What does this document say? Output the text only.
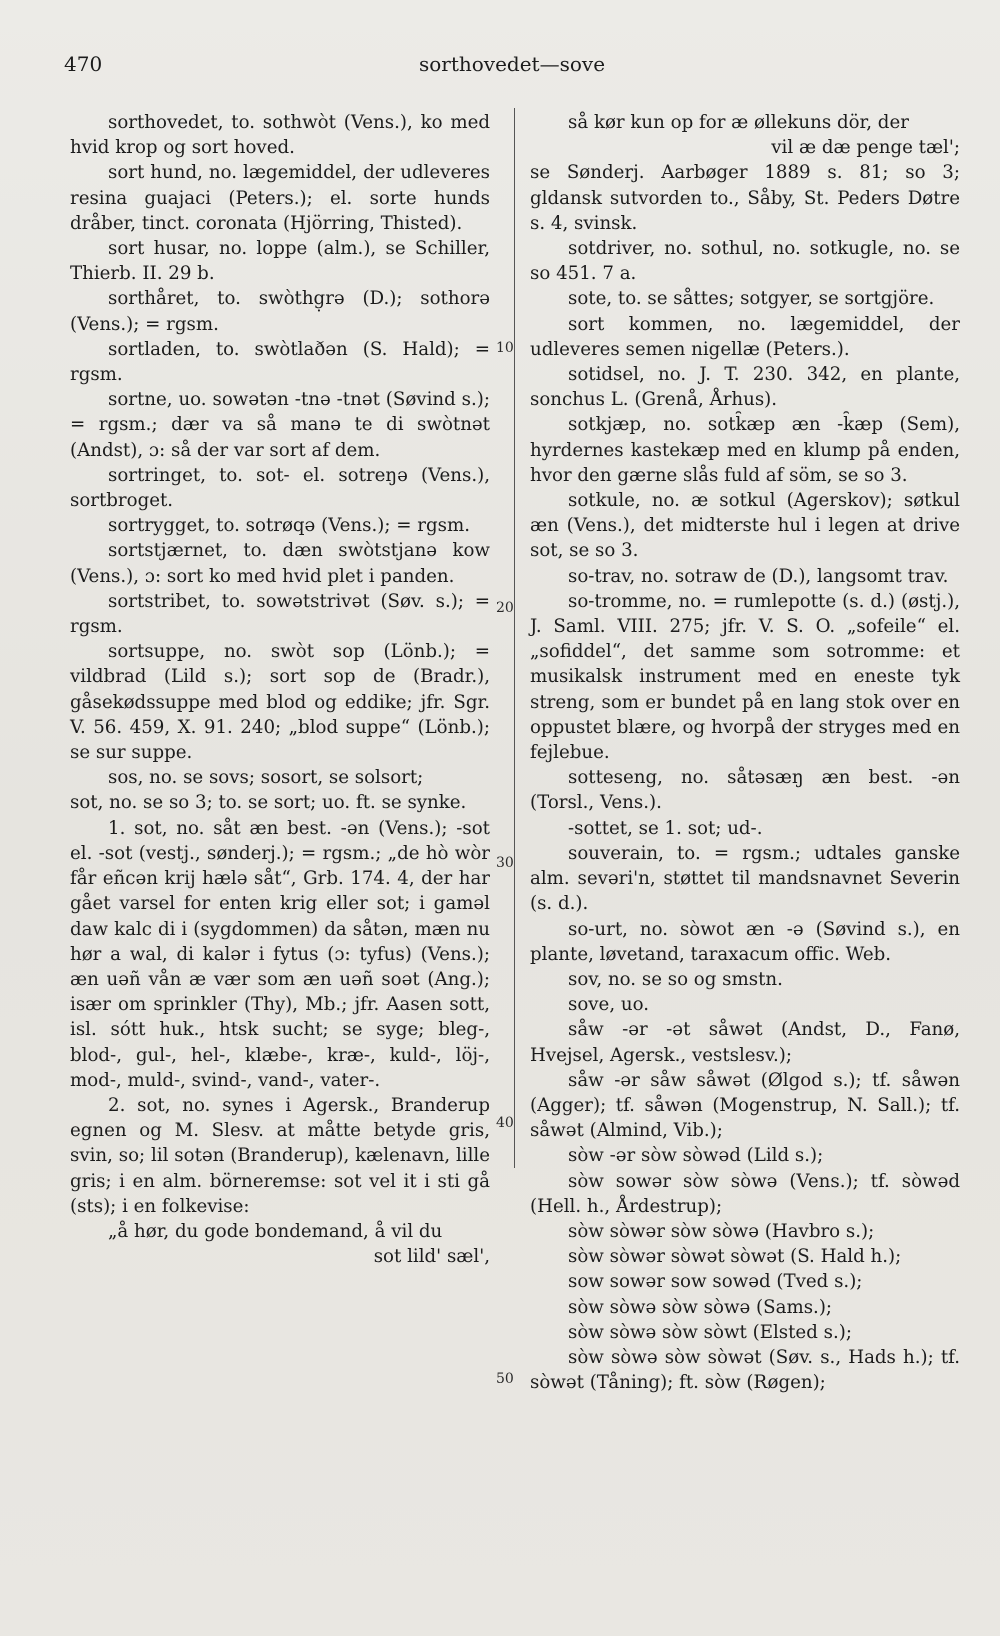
470	sorthovedet—sove

sorthovedet, to. sothwòt (Vens.), ko med hvid krop og sort hoved.

sort hund, no. lægemiddel, der udleveres resina guajaci (Peters.); el. sorte hunds dråber, tinct. coronata (Hjörring, Thisted).

sort husar, no. loppe (alm.), se Schiller, Thierb. II. 29 b.

sorthåret, to. swòthg̣rə (D.); sothorə (Vens.); = rgsm.

sortladen, to. swòtlaðən (S. Hald); = rgsm.

sortne, uo. sowətən -tnə -tnət (Søvind s.); = rgsm.; dær va så manə te di swòtnət (Andst), ɔ: så der var sort af dem.

sortringet, to. sot- el. sotreŋə (Vens.), sortbroget.

sortrygget, to. sotrøqə (Vens.); = rgsm.

sortstjærnet, to. dæn swòtstjanə kow (Vens.), ɔ: sort ko med hvid plet i panden.

sortstribet, to. sowətstrivət (Søv. s.); = rgsm.

sortsuppe, no. swòt sop (Lönb.); = vildbrad (Lild s.); sort sop de (Bradr.), gåsekødssuppe med blod og eddike; jfr. Sgr. V. 56. 459, X. 91. 240; „blod suppe“ (Lönb.); se sur suppe.

sos, no. se sovs; sosort, se solsort;

sot, no. se so 3; to. se sort; uo. ft. se synke.

1. sot, no. såt æn best. -ən (Vens.); -sot el. -sot (vestj., sønderj.); = rgsm.; „de hò wòr får eñcən krij hælə såt“, Grb. 174. 4, der har gået varsel for enten krig eller sot; i gaməl daw kalc di i (sygdommen) da såtən, mæn nu hør a wal, di kalər i fytus (ɔ: tyfus) (Vens.); æn uəñ vån æ vær som æn uəñ soət (Ang.); især om sprinkler (Thy), Mb.; jfr. Aasen sott, isl. sótt huk., htsk sucht; se syge; bleg-, blod-, gul-, hel-, klæbe-, kræ-, kuld-, löj-, mod-, muld-, svind-, vand-, vater-.

2. sot, no. synes i Agersk., Branderup egnen og M. Slesv. at måtte betyde gris, svin, so; lil sotən (Branderup), kælenavn, lille gris; i en alm. börneremse: sot vel it i sti gå (sts); i en folkevise:

„å hør, du gode bondemand, å vil du

sot lild' sæl',

så kør kun op for æ øllekuns dör, der

vil æ dæ penge tæl';

se Sønderj. Aarbøger 1889 s. 81; so 3; gldansk sutvorden to., Såby, St. Peders Døtre s. 4, svinsk.

sotdriver, no. sothul, no. sotkugle, no. se so 451. 7 a.

sote, to. se såttes; sotgyer, se sortgjöre.

sort kommen, no. lægemiddel, der udleveres semen nigellæ (Peters.).

sotidsel, no. J. T. 230. 342, en plante, sonchus L. (Grenå, Århus).

sotkjæp, no. sotk̑æp æn -k̑æp (Sem), hyrdernes kastekæp med en klump på enden, hvor den gærne slås fuld af söm, se so 3.

sotkule, no. æ sotkul (Agerskov); søtkul æn (Vens.), det midterste hul i legen at drive sot, se so 3.

so-trav, no. sotraw de (D.), langsomt trav.

so-tromme, no. = rumlepotte (s. d.) (østj.), J. Saml. VIII. 275; jfr. V. S. O. „sofeile“ el. „sofiddel“, det samme som sotromme: et musikalsk instrument med en eneste tyk streng, som er bundet på en lang stok over en oppustet blære, og hvorpå der stryges med en fejlebue.

sotteseng, no. såtəsæŋ æn best. -ən (Torsl., Vens.).

-sottet, se 1. sot; ud-.

souverain, to. = rgsm.; udtales ganske alm. sevəri'n, støttet til mandsnavnet Severin (s. d.).

so-urt, no. sòwot æn -ə (Søvind s.), en plante, løvetand, taraxacum offic. Web.

sov, no. se so og smstn.

sove, uo.

såw -ər -ət såwət (Andst, D., Fanø, Hvejsel, Agersk., vestslesv.);

såw -ər såw såwət (Ølgod s.); tf. såwən (Agger); tf. såwən (Mogenstrup, N. Sall.); tf. såwət (Almind, Vib.);

sòw -ər sòw sòwəd (Lild s.);

sòw sowər sòw sòwə (Vens.); tf. sòwəd (Hell. h., Årdestrup);

sòw sòwər sòw sòwə (Havbro s.);

sòw sòwər sòwət sòwət (S. Hald h.);

sow sowər sow sowəd (Tved s.);

sòw sòwə sòw sòwə (Sams.);

sòw sòwə sòw sòwt (Elsted s.);

sòw sòwə sòw sòwət (Søv. s., Hads h.); tf. sòwət (Tåning); ft. sòw (Røgen);

10
20
30
40
50
